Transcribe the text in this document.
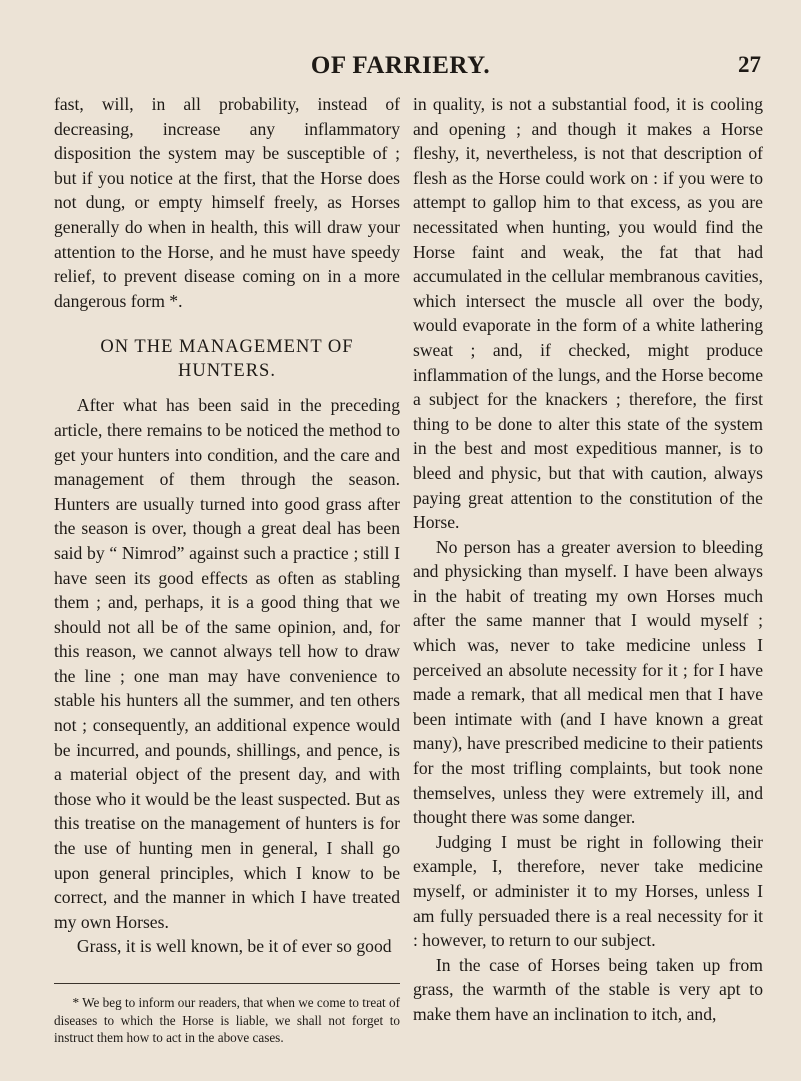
OF FARRIERY.	27

fast, will, in all probability, instead of decreasing, increase any inflammatory disposition the system may be susceptible of ; but if you notice at the first, that the Horse does not dung, or empty himself freely, as Horses generally do when in health, this will draw your attention to the Horse, and he must have speedy relief, to prevent disease coming on in a more dangerous form *.

ON THE MANAGEMENT OF
HUNTERS.

After what has been said in the preceding article, there remains to be noticed the method to get your hunters into condition, and the care and management of them through the season. Hunters are usually turned into good grass after the season is over, though a great deal has been said by “ Nimrod” against such a practice ; still I have seen its good effects as often as stabling them ; and, perhaps, it is a good thing that we should not all be of the same opinion, and, for this reason, we cannot always tell how to draw the line ; one man may have convenience to stable his hunters all the summer, and ten others not ; consequently, an additional expence would be incurred, and pounds, shillings, and pence, is a material object of the present day, and with those who it would be the least suspected. But as this treatise on the management of hunters is for the use of hunting men in general, I shall go upon general principles, which I know to be correct, and the manner in which I have treated my own Horses.

Grass, it is well known, be it of ever so good

* We beg to inform our readers, that when we come to treat of diseases to which the Horse is liable, we shall not forget to instruct them how to act in the above cases.

in quality, is not a substantial food, it is cooling and opening ; and though it makes a Horse fleshy, it, nevertheless, is not that description of flesh as the Horse could work on : if you were to attempt to gallop him to that excess, as you are necessitated when hunting, you would find the Horse faint and weak, the fat that had accumulated in the cellular membranous cavities, which intersect the muscle all over the body, would evaporate in the form of a white lathering sweat ; and, if checked, might produce inflammation of the lungs, and the Horse become a subject for the knackers ; therefore, the first thing to be done to alter this state of the system in the best and most expeditious manner, is to bleed and physic, but that with caution, always paying great attention to the constitution of the Horse.

No person has a greater aversion to bleeding and physicking than myself. I have been always in the habit of treating my own Horses much after the same manner that I would myself ; which was, never to take medicine unless I perceived an absolute necessity for it ; for I have made a remark, that all medical men that I have been intimate with (and I have known a great many), have prescribed medicine to their patients for the most trifling complaints, but took none themselves, unless they were extremely ill, and thought there was some danger.

Judging I must be right in following their example, I, therefore, never take medicine myself, or administer it to my Horses, unless I am fully persuaded there is a real necessity for it : however, to return to our subject.

In the case of Horses being taken up from grass, the warmth of the stable is very apt to make them have an inclination to itch, and,
